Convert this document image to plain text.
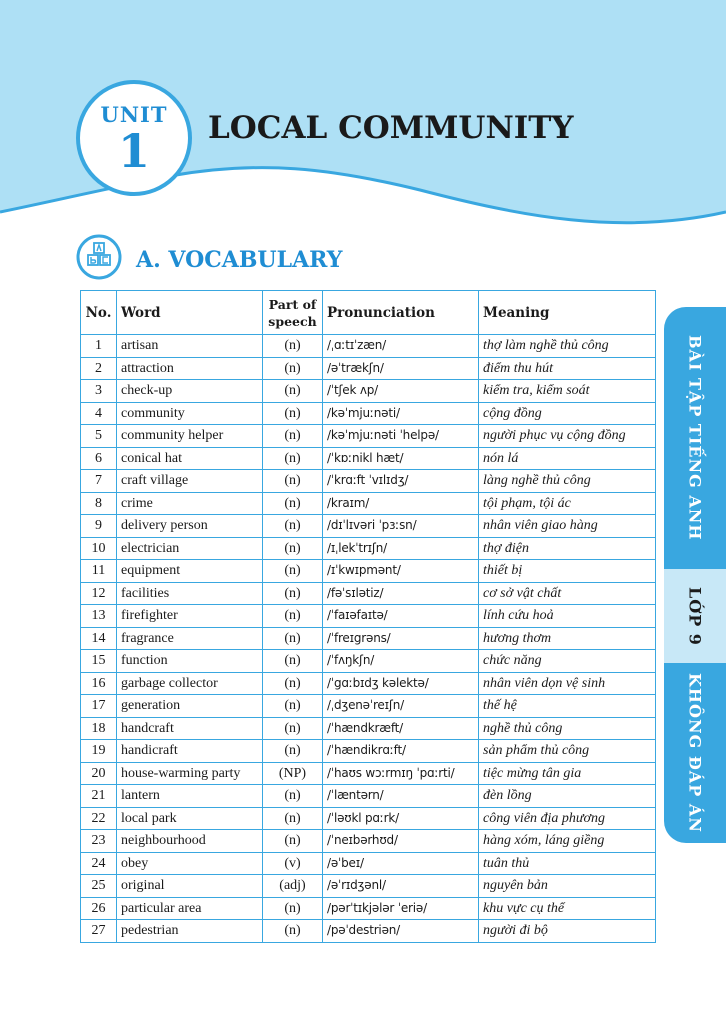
UNIT
1	LOCAL COMMUNITY
A. VOCABULARY
No.	Word	Part of speech	Pronunciation	Meaning
1	artisan	(n)	/ˌɑːtɪˈzæn/	thợ làm nghề thủ công
2	attraction	(n)	/əˈtrækʃn/	điểm thu hút
3	check-up	(n)	/ˈtʃek ʌp/	kiểm tra, kiểm soát
4	community	(n)	/kəˈmjuːnəti/	cộng đồng
5	community helper	(n)	/kəˈmjuːnəti ˈhelpə/	người phục vụ cộng đồng
6	conical hat	(n)	/ˈkɒːnikl hæt/	nón lá
7	craft village	(n)	/ˈkrɑːft ˈvɪlɪdʒ/	làng nghề thủ công
8	crime	(n)	/kraɪm/	tội phạm, tội ác
9	delivery person	(n)	/dɪˈlɪvəri ˈpɜːsn/	nhân viên giao hàng
10	electrician	(n)	/ɪˌlekˈtrɪʃn/	thợ điện
11	equipment	(n)	/ɪˈkwɪpmənt/	thiết bị
12	facilities	(n)	/fəˈsɪlətiz/	cơ sở vật chất
13	firefighter	(n)	/ˈfaɪəfaɪtə/	lính cứu hoả
14	fragrance	(n)	/ˈfreɪgrəns/	hương thơm
15	function	(n)	/ˈfʌŋkʃn/	chức năng
16	garbage collector	(n)	/ˈgɑːbɪdʒ kəlektə/	nhân viên dọn vệ sinh
17	generation	(n)	/ˌdʒenəˈreɪʃn/	thế hệ
18	handcraft	(n)	/ˈhændkræft/	nghề thủ công
19	handicraft	(n)	/ˈhændikrɑːft/	sản phẩm thủ công
20	house-warming party	(NP)	/ˈhaʊs wɔːrmɪŋ ˈpɑːrti/	tiệc mừng tân gia
21	lantern	(n)	/ˈlæntərn/	đèn lồng
22	local park	(n)	/ˈləʊkl pɑːrk/	công viên địa phương
23	neighbourhood	(n)	/ˈneɪbərhʊd/	hàng xóm, láng giềng
24	obey	(v)	/əˈbeɪ/	tuân thủ
25	original	(adj)	/əˈrɪdʒənl/	nguyên bản
26	particular area	(n)	/pərˈtɪkjələr ˈeriə/	khu vực cụ thể
27	pedestrian	(n)	/pəˈdestriən/	người đi bộ
BÀI TẬP TIẾNG ANH
LỚP 9
KHÔNG ĐÁP ÁN
